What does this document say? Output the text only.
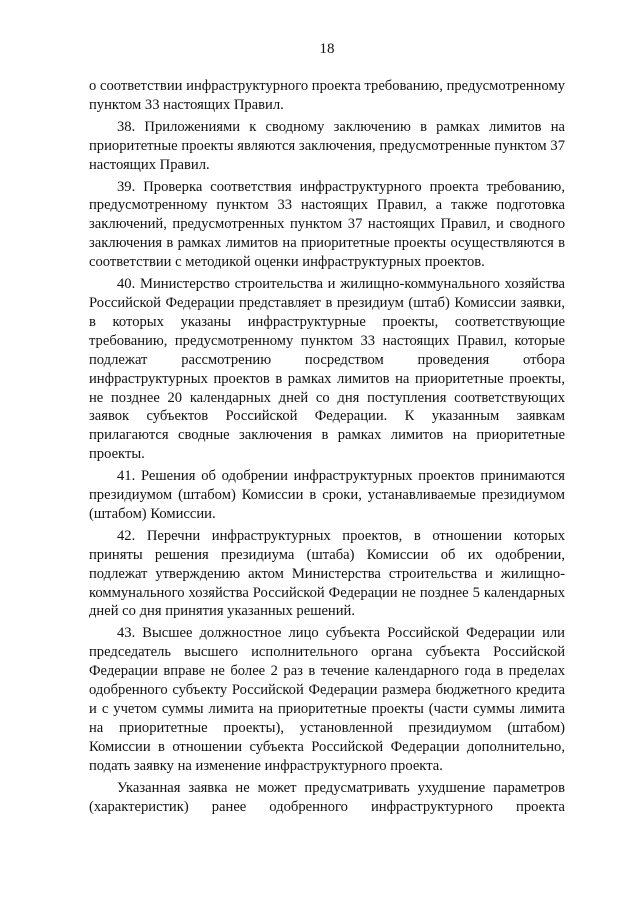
18

о соответствии инфраструктурного проекта требованию, предусмотренному пунктом 33 настоящих Правил.

38. Приложениями к сводному заключению в рамках лимитов на приоритетные проекты являются заключения, предусмотренные пунктом 37 настоящих Правил.

39. Проверка соответствия инфраструктурного проекта требованию, предусмотренному пунктом 33 настоящих Правил, а также подготовка заключений, предусмотренных пунктом 37 настоящих Правил, и сводного заключения в рамках лимитов на приоритетные проекты осуществляются в соответствии с методикой оценки инфраструктурных проектов.

40. Министерство строительства и жилищно-коммунального хозяйства Российской Федерации представляет в президиум (штаб) Комиссии заявки, в которых указаны инфраструктурные проекты, соответствующие требованию, предусмотренному пунктом 33 настоящих Правил, которые подлежат рассмотрению посредством проведения отбора инфраструктурных проектов в рамках лимитов на приоритетные проекты, не позднее 20 календарных дней со дня поступления соответствующих заявок субъектов Российской Федерации. К указанным заявкам прилагаются сводные заключения в рамках лимитов на приоритетные проекты.

41. Решения об одобрении инфраструктурных проектов принимаются президиумом (штабом) Комиссии в сроки, устанавливаемые президиумом (штабом) Комиссии.

42. Перечни инфраструктурных проектов, в отношении которых приняты решения президиума (штаба) Комиссии об их одобрении, подлежат утверждению актом Министерства строительства и жилищно-коммунального хозяйства Российской Федерации не позднее 5 календарных дней со дня принятия указанных решений.

43. Высшее должностное лицо субъекта Российской Федерации или председатель высшего исполнительного органа субъекта Российской Федерации вправе не более 2 раз в течение календарного года в пределах одобренного субъекту Российской Федерации размера бюджетного кредита и с учетом суммы лимита на приоритетные проекты (части суммы лимита на приоритетные проекты), установленной президиумом (штабом) Комиссии в отношении субъекта Российской Федерации дополнительно, подать заявку на изменение инфраструктурного проекта.

Указанная заявка не может предусматривать ухудшение параметров (характеристик) ранее одобренного инфраструктурного проекта
